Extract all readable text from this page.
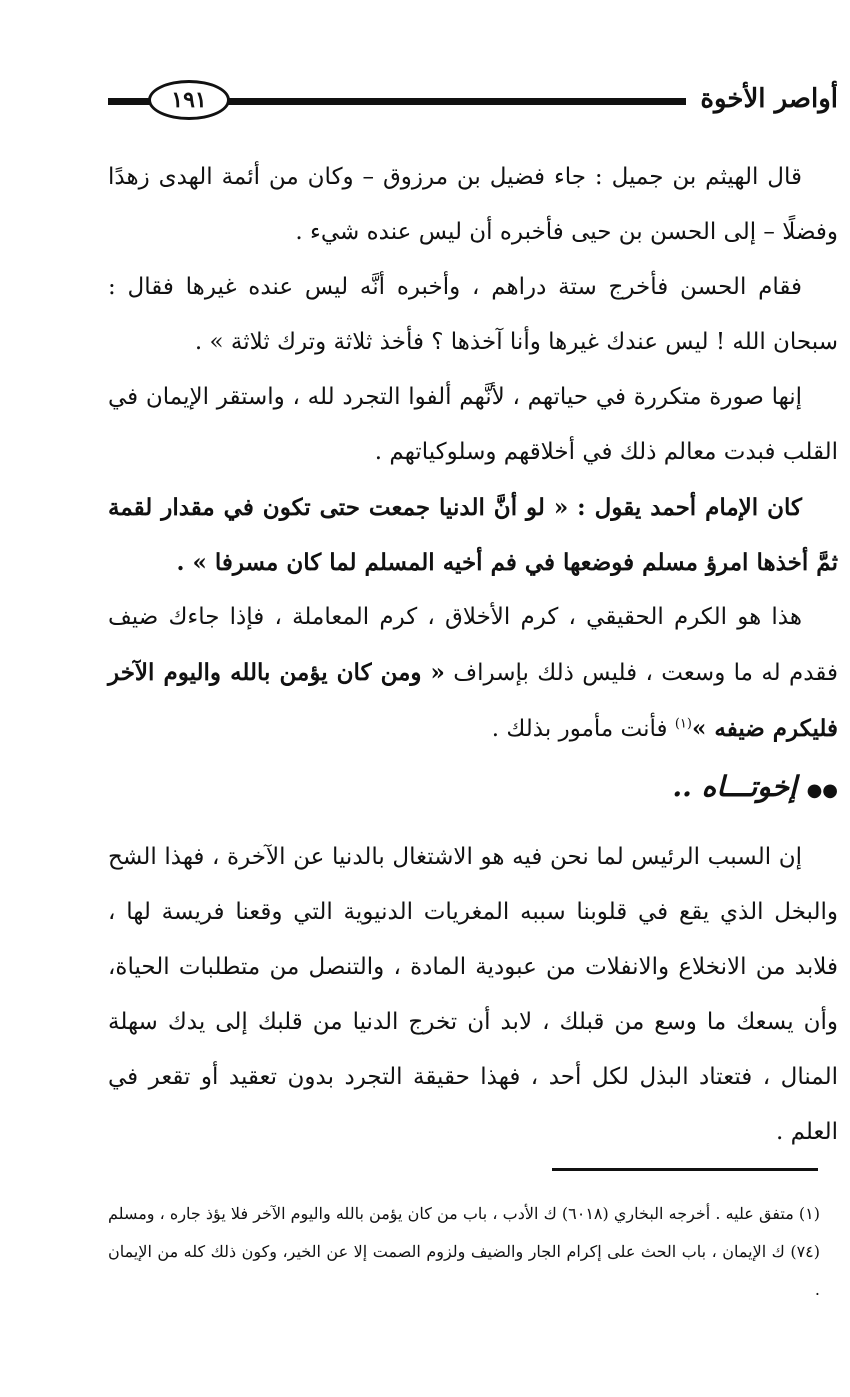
١٩١	أواصر الأخوة

قال الهيثم بن جميل : جاء فضيل بن مرزوق – وكان من أئمة الهدى زهدًا وفضلًا – إلى الحسن بن حيى فأخبره أن ليس عنده شيء .

فقام الحسن فأخرج ستة دراهم ، وأخبره أنَّه ليس عنده غيرها فقال : سبحان الله ! ليس عندك غيرها وأنا آخذها ؟ فأخذ ثلاثة وترك ثلاثة » .

إنها صورة متكررة في حياتهم ، لأنَّهم ألفوا التجرد لله ، واستقر الإيمان في القلب فبدت معالم ذلك في أخلاقهم وسلوكياتهم .

كان الإمام أحمد يقول : « لو أنَّ الدنيا جمعت حتى تكون في مقدار لقمة ثمَّ أخذها امرؤ مسلم فوضعها في فم أخيه المسلم لما كان مسرفا » .

هذا هو الكرم الحقيقي ، كرم الأخلاق ، كرم المعاملة ، فإذا جاءك ضيف فقدم له ما وسعت ، فليس ذلك بإسراف « ومن كان يؤمن بالله واليوم الآخر فليكرم ضيفه »$^{(١)}$ فأنت مأمور بذلك .

●● إخوتـــاه ..

إن السبب الرئيس لما نحن فيه هو الاشتغال بالدنيا عن الآخرة ، فهذا الشح والبخل الذي يقع في قلوبنا سببه المغريات الدنيوية التي وقعنا فريسة لها ، فلابد من الانخلاع والانفلات من عبودية المادة ، والتنصل من متطلبات الحياة، وأن يسعك ما وسع من قبلك ، لابد أن تخرج الدنيا من قلبك إلى يدك سهلة المنال ، فتعتاد البذل لكل أحد ، فهذا حقيقة التجرد بدون تعقيد أو تقعر في العلم .

(١) متفق عليه . أخرجه البخاري (٦٠١٨) ك الأدب ، باب من كان يؤمن بالله واليوم الآخر فلا يؤذ جاره ، ومسلم (٧٤) ك الإيمان ، باب الحث على إكرام الجار والضيف ولزوم الصمت إلا عن الخير، وكون ذلك كله من الإيمان .
